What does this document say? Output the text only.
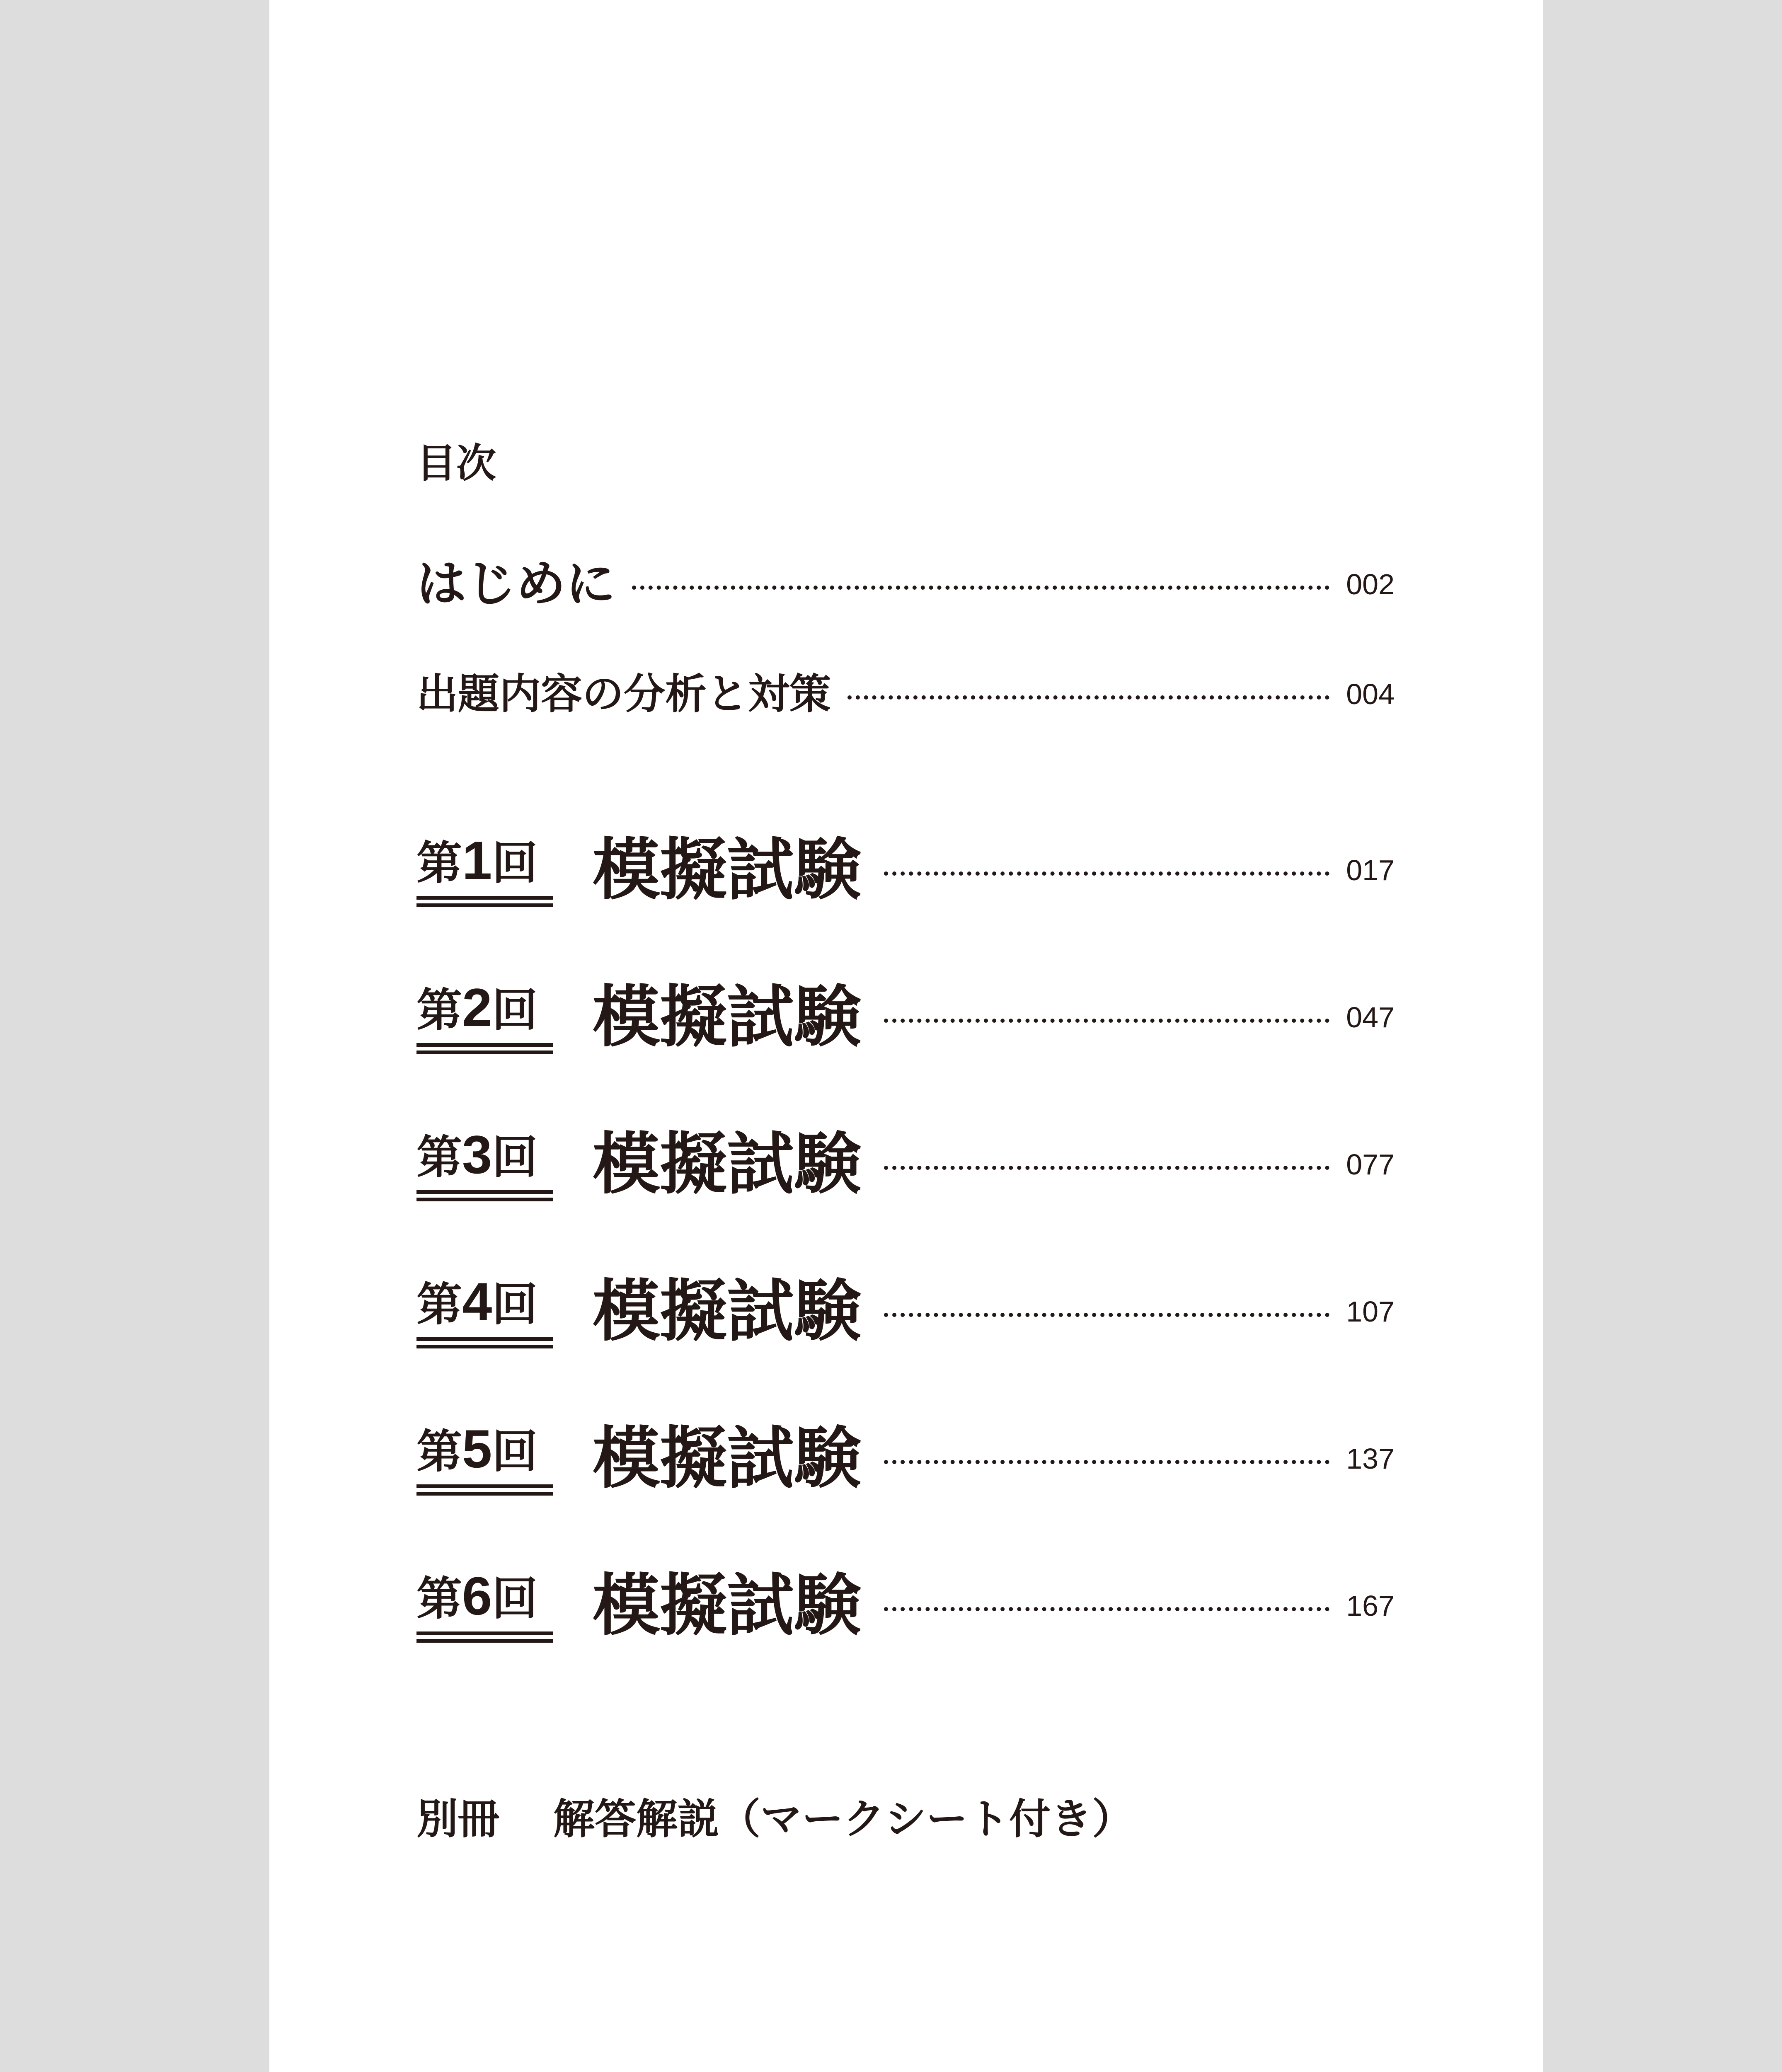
目次
はじめに	002
出題内容の分析と対策	004
第1回 模擬試験	017
第2回 模擬試験	047
第3回 模擬試験	077
第4回 模擬試験	107
第5回 模擬試験	137
第6回 模擬試験	167
別冊 解答解説（マークシート付き）
